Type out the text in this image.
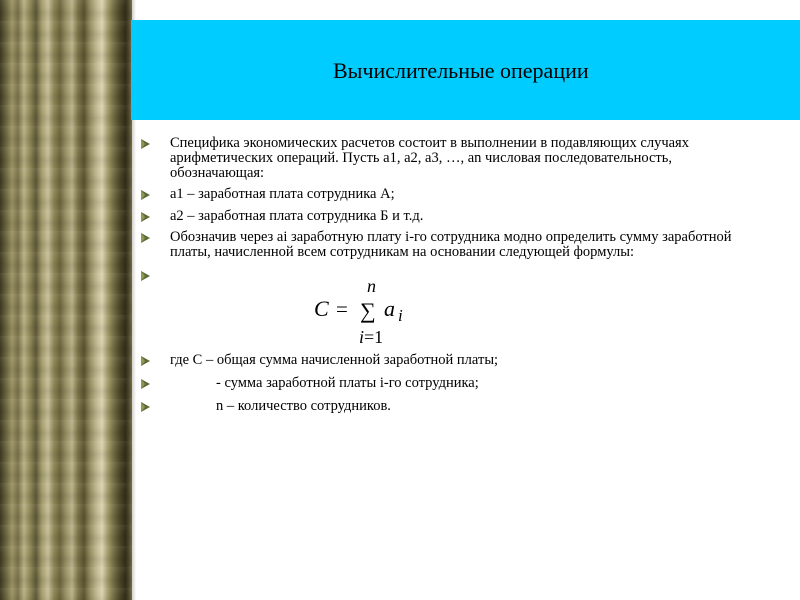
Вычислительные операции
Специфика экономических расчетов состоит в выполнении в подавляющих случаях арифметических операций. Пусть a1, a2, a3, …, an числовая последовательность, обозначающая:
a1 – заработная плата сотрудника А;
a2 – заработная плата сотрудника Б и т.д.
Обозначив через ai заработную плату i-го сотрудника модно определить сумму заработной платы, начисленной всем сотрудникам на основании следующей формулы:
где С – общая сумма начисленной заработной платы;
- сумма заработной платы i-го сотрудника;
n – количество сотрудников.
n
C = ∑ a i
i=1
